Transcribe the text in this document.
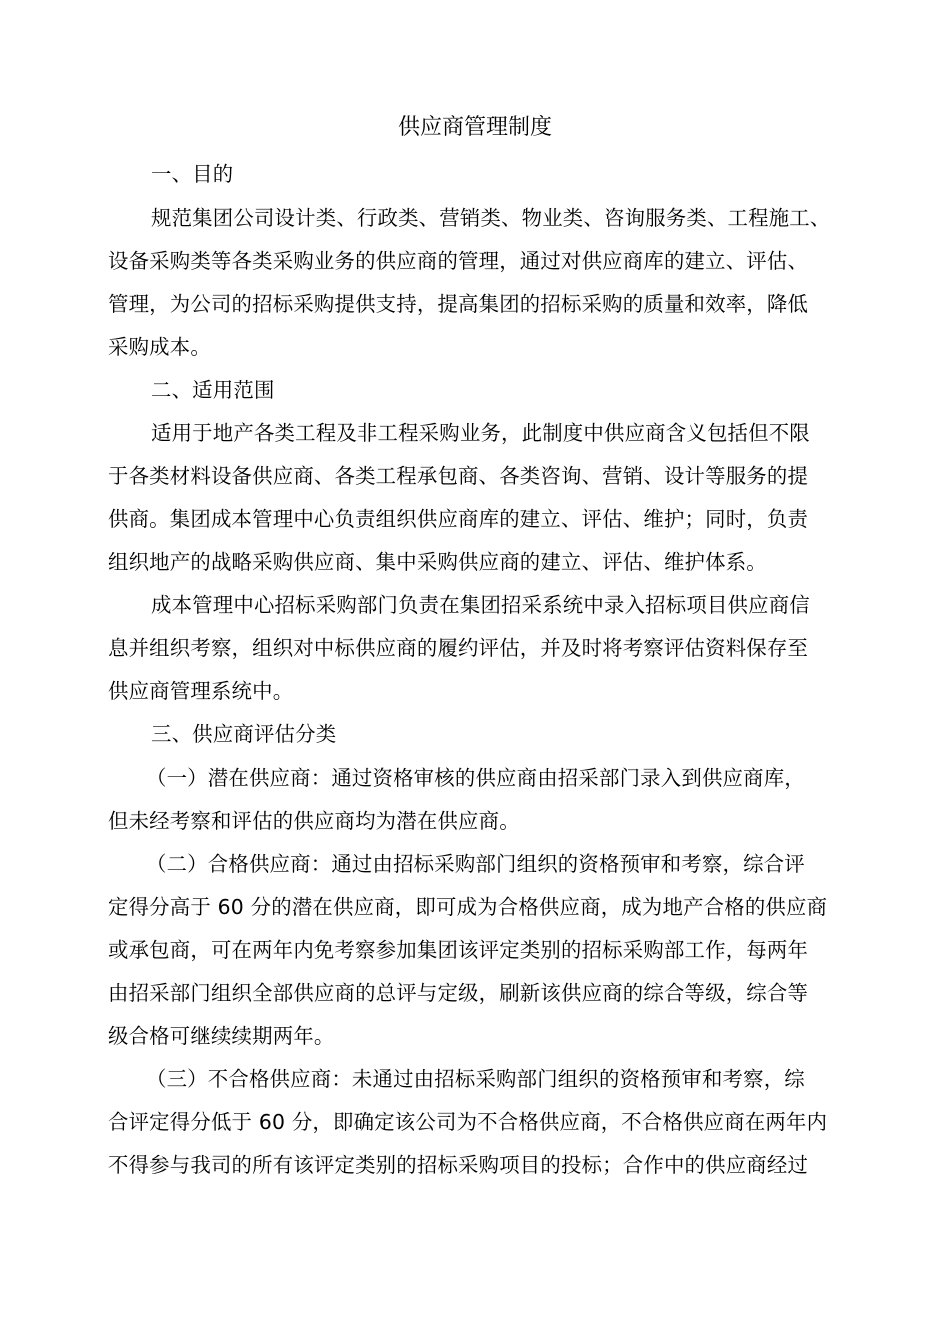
供应商管理制度
一、目的
规范集团公司设计类、行政类、营销类、物业类、咨询服务类、工程施工、
设备采购类等各类采购业务的供应商的管理，通过对供应商库的建立、评估、
管理，为公司的招标采购提供支持，提高集团的招标采购的质量和效率，降低
采购成本。
二、适用范围
适用于地产各类工程及非工程采购业务，此制度中供应商含义包括但不限
于各类材料设备供应商、各类工程承包商、各类咨询、营销、设计等服务的提
供商。集团成本管理中心负责组织供应商库的建立、评估、维护；同时，负责
组织地产的战略采购供应商、集中采购供应商的建立、评估、维护体系。
成本管理中心招标采购部门负责在集团招采系统中录入招标项目供应商信
息并组织考察，组织对中标供应商的履约评估，并及时将考察评估资料保存至
供应商管理系统中。
三、供应商评估分类
（一）潜在供应商：通过资格审核的供应商由招采部门录入到供应商库，
但未经考察和评估的供应商均为潜在供应商。
（二）合格供应商：通过由招标采购部门组织的资格预审和考察，综合评
定得分高于 60 分的潜在供应商，即可成为合格供应商，成为地产合格的供应商
或承包商，可在两年内免考察参加集团该评定类别的招标采购部工作，每两年
由招采部门组织全部供应商的总评与定级，刷新该供应商的综合等级，综合等
级合格可继续续期两年。
（三）不合格供应商：未通过由招标采购部门组织的资格预审和考察，综
合评定得分低于 60 分，即确定该公司为不合格供应商，不合格供应商在两年内
不得参与我司的所有该评定类别的招标采购项目的投标；合作中的供应商经过
